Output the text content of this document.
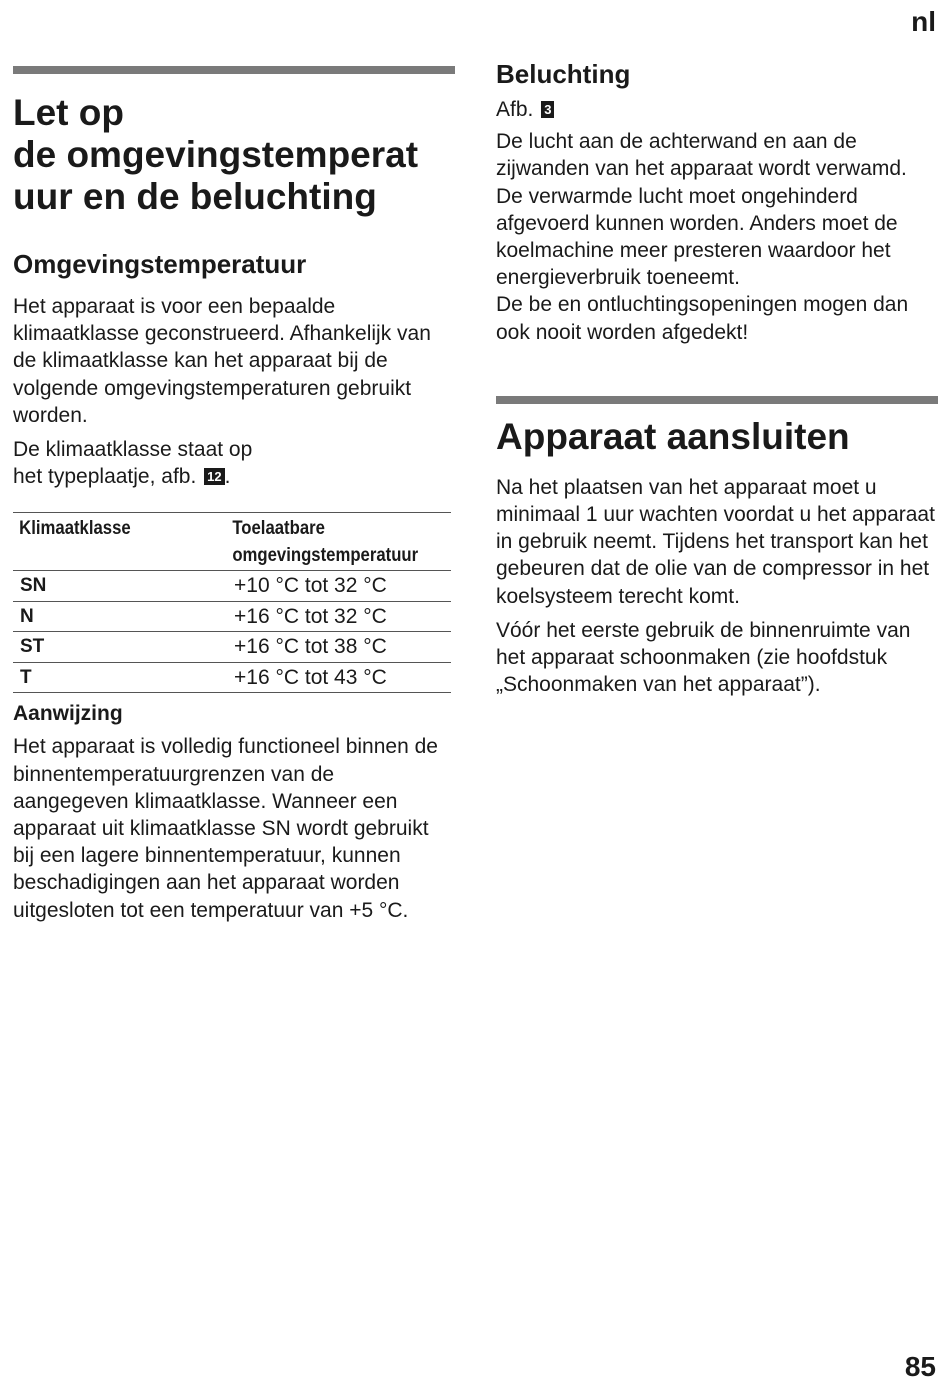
nl
Let op
de omgevingstemperat
uur en de beluchting
Omgevingstemperatuur

Het apparaat is voor een bepaalde klimaatklasse geconstrueerd. Afhankelijk van de klimaatklasse kan het apparaat bij de volgende omgevingstemperaturen gebruikt worden.

De klimaatklasse staat op
het typeplaatje, afb. 12 .

Klimaatklasse	Toelaatbare omgevingstemperatuur
SN	+10 °C tot 32 °C
N	+16 °C tot 32 °C
ST	+16 °C tot 38 °C
T	+16 °C tot 43 °C
Aanwijzing

Het apparaat is volledig functioneel binnen de binnentemperatuurgrenzen van de aangegeven klimaatklasse. Wanneer een apparaat uit klimaatklasse SN wordt gebruikt bij een lagere binnentemperatuur, kunnen beschadigingen aan het apparaat worden uitgesloten tot een temperatuur van +5 °C.

Beluchting

Afb. 3

De lucht aan de achterwand en aan de zijwanden van het apparaat wordt verwamd. De verwarmde lucht moet ongehinderd afgevoerd kunnen worden. Anders moet de koelmachine meer presteren waardoor het energieverbruik toeneemt.

De be en ontluchtingsopeningen mogen dan ook nooit worden afgedekt!

Apparaat aansluiten

Na het plaatsen van het apparaat moet u minimaal 1 uur wachten voordat u het apparaat in gebruik neemt. Tijdens het transport kan het gebeuren dat de olie van de compressor in het koelsysteem terecht komt.

Vóór het eerste gebruik de binnenruimte van het apparaat schoonmaken (zie hoofdstuk „Schoonmaken van het apparaat”).

85
